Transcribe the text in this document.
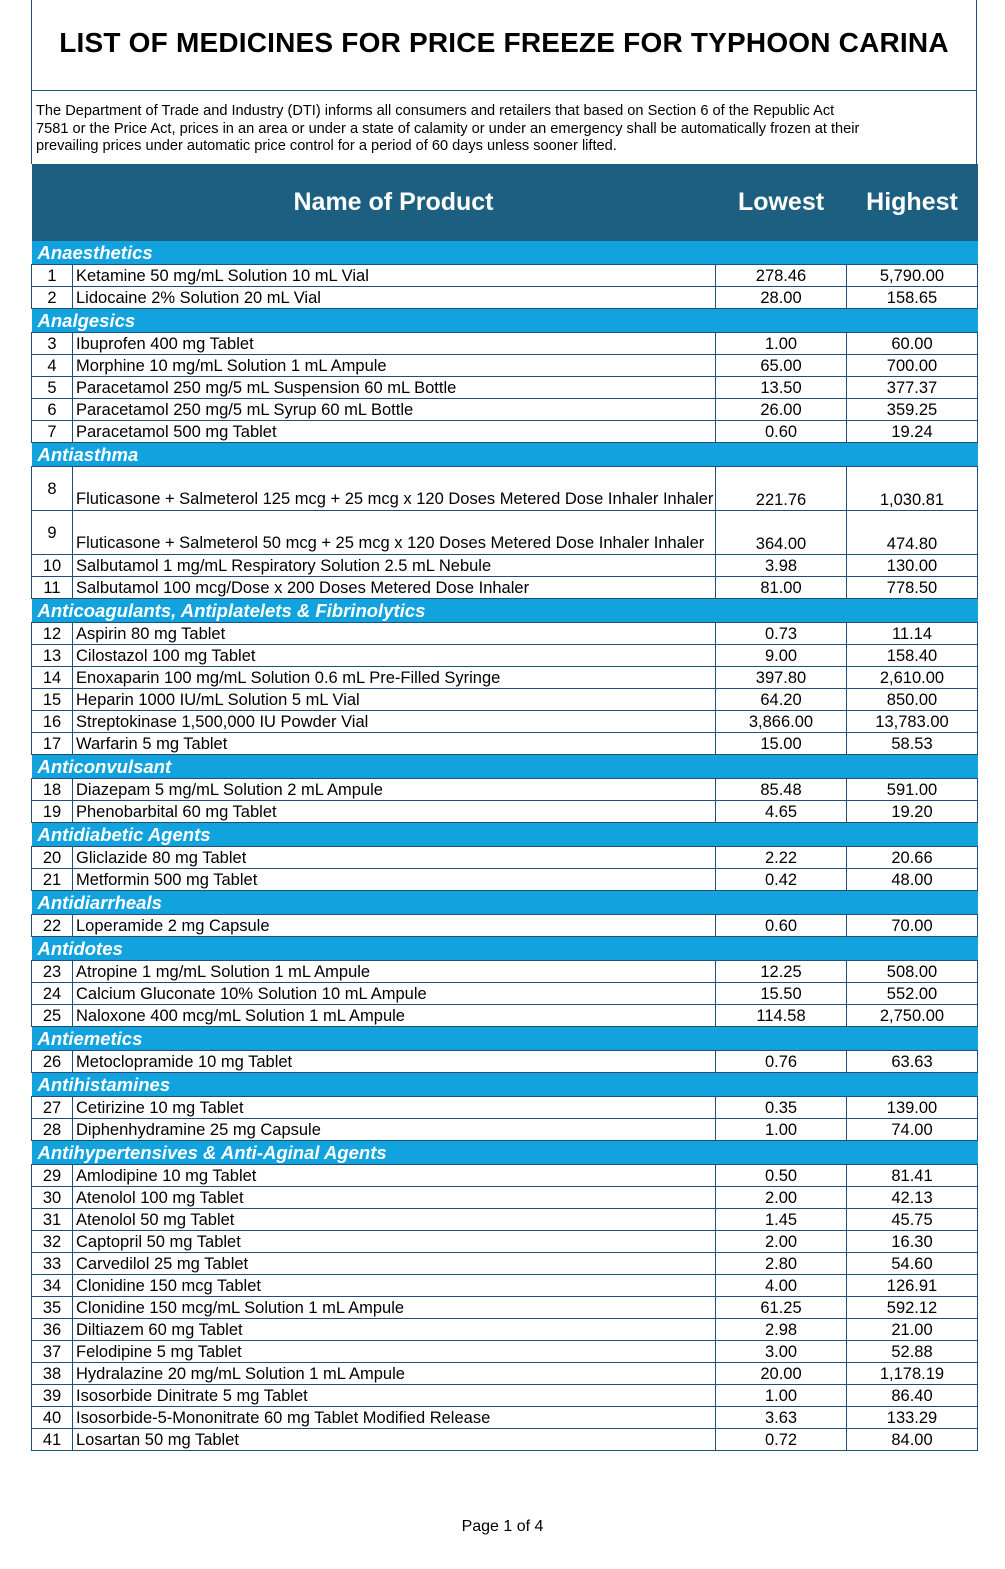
LIST OF MEDICINES FOR PRICE FREEZE FOR TYPHOON CARINA
The Department of Trade and Industry (DTI) informs all consumers and retailers that based on Section 6 of the Republic Act
7581 or the Price Act, prices in an area or under a state of calamity or under an emergency shall be automatically frozen at their
prevailing prices under automatic price control for a period of 60 days unless sooner lifted.
Name of Product		Lowest	Highest
Anaesthetics			
1	Ketamine 50 mg/mL Solution 10 mL Vial	278.46	5,790.00
2	Lidocaine 2% Solution 20 mL Vial	28.00	158.65
Analgesics			
3	Ibuprofen 400 mg Tablet	1.00	60.00
4	Morphine 10 mg/mL Solution 1 mL Ampule	65.00	700.00
5	Paracetamol 250 mg/5 mL Suspension 60 mL Bottle	13.50	377.37
6	Paracetamol 250 mg/5 mL Syrup 60 mL Bottle	26.00	359.25
7	Paracetamol 500 mg Tablet	0.60	19.24
Antiasthma			
8	Fluticasone + Salmeterol 125 mcg + 25 mcg x 120 Doses Metered Dose Inhaler Inhaler	221.76	1,030.81
9	Fluticasone + Salmeterol 50 mcg + 25 mcg x 120 Doses Metered Dose Inhaler Inhaler	364.00	474.80
10	Salbutamol 1 mg/mL Respiratory Solution 2.5 mL Nebule	3.98	130.00
11	Salbutamol 100 mcg/Dose x 200 Doses Metered Dose Inhaler	81.00	778.50
Anticoagulants, Antiplatelets & Fibrinolytics			
12	Aspirin 80 mg Tablet	0.73	11.14
13	Cilostazol 100 mg Tablet	9.00	158.40
14	Enoxaparin 100 mg/mL Solution 0.6 mL Pre-Filled Syringe	397.80	2,610.00
15	Heparin 1000 IU/mL Solution 5 mL Vial	64.20	850.00
16	Streptokinase 1,500,000 IU Powder Vial	3,866.00	13,783.00
17	Warfarin 5 mg Tablet	15.00	58.53
Anticonvulsant			
18	Diazepam 5 mg/mL Solution 2 mL Ampule	85.48	591.00
19	Phenobarbital 60 mg Tablet	4.65	19.20
Antidiabetic Agents			
20	Gliclazide 80 mg Tablet	2.22	20.66
21	Metformin 500 mg Tablet	0.42	48.00
Antidiarrheals			
22	Loperamide 2 mg Capsule	0.60	70.00
Antidotes			
23	Atropine 1 mg/mL Solution 1 mL Ampule	12.25	508.00
24	Calcium Gluconate 10% Solution 10 mL Ampule	15.50	552.00
25	Naloxone 400 mcg/mL Solution 1 mL Ampule	114.58	2,750.00
Antiemetics			
26	Metoclopramide 10 mg Tablet	0.76	63.63
Antihistamines			
27	Cetirizine 10 mg Tablet	0.35	139.00
28	Diphenhydramine 25 mg Capsule	1.00	74.00
Antihypertensives & Anti-Aginal Agents			
29	Amlodipine 10 mg Tablet	0.50	81.41
30	Atenolol 100 mg Tablet	2.00	42.13
31	Atenolol 50 mg Tablet	1.45	45.75
32	Captopril 50 mg Tablet	2.00	16.30
33	Carvedilol 25 mg Tablet	2.80	54.60
34	Clonidine 150 mcg Tablet	4.00	126.91
35	Clonidine 150 mcg/mL Solution 1 mL Ampule	61.25	592.12
36	Diltiazem 60 mg Tablet	2.98	21.00
37	Felodipine 5 mg Tablet	3.00	52.88
38	Hydralazine 20 mg/mL Solution 1 mL Ampule	20.00	1,178.19
39	Isosorbide Dinitrate 5 mg Tablet	1.00	86.40
40	Isosorbide-5-Mononitrate 60 mg Tablet Modified Release	3.63	133.29
41	Losartan 50 mg Tablet	0.72	84.00
Page 1 of 4
